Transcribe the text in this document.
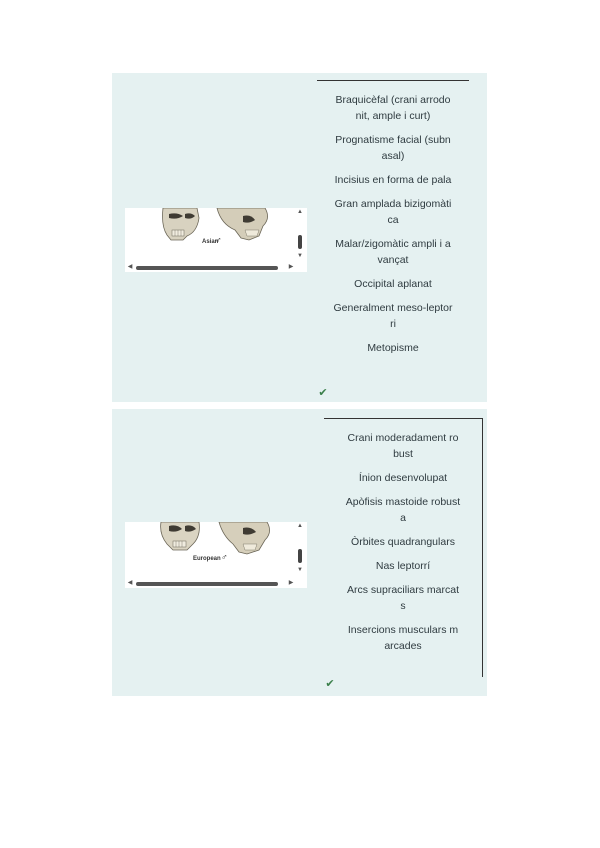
Asian
♂
▲
▼
◀	▶
Braquicèfal (crani arrodonit, ample i curt)
Prognatisme facial (subnasal)
Incisius en forma de pala
Gran amplada bizigomàtica
Malar/zigomàtic ampli i avançat
Occipital aplanat
Generalment meso-leptorri
Metopisme
✔
European ♂
▲
▼
◀	▶
Crani moderadament robust
Ínion desenvolupat
Apòfisis mastoide robusta
Òrbites quadrangulars
Nas leptorrí
Arcs supraciliars marcats
Insercions musculars marcades
✔
